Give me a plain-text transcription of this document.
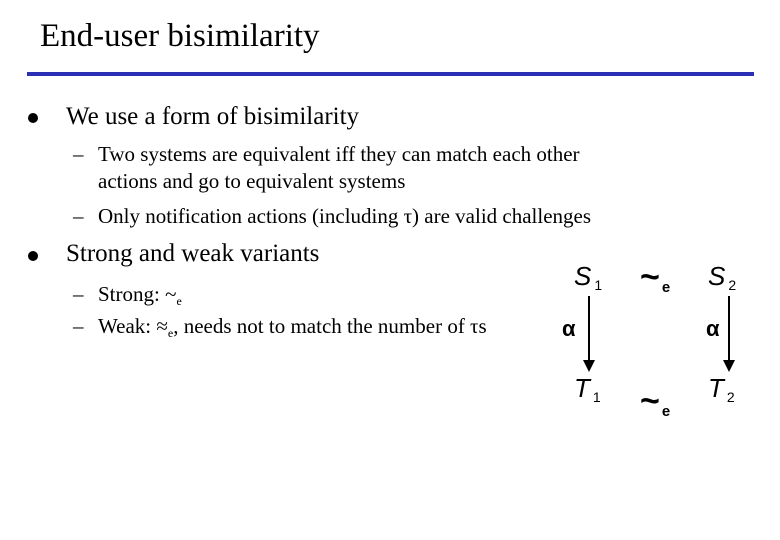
End-user bisimilarity
We use a form of bisimilarity
– Two systems are equivalent iff they can match each other
actions and go to equivalent systems
– Only notification actions (including τ) are valid challenges
Strong and weak variants
– Strong: $\sim_e$
– Weak: $\approx_e$, needs not to match the number of τs
S 1 ~ e S 2
α	α
T 1 ~ e
T 2
